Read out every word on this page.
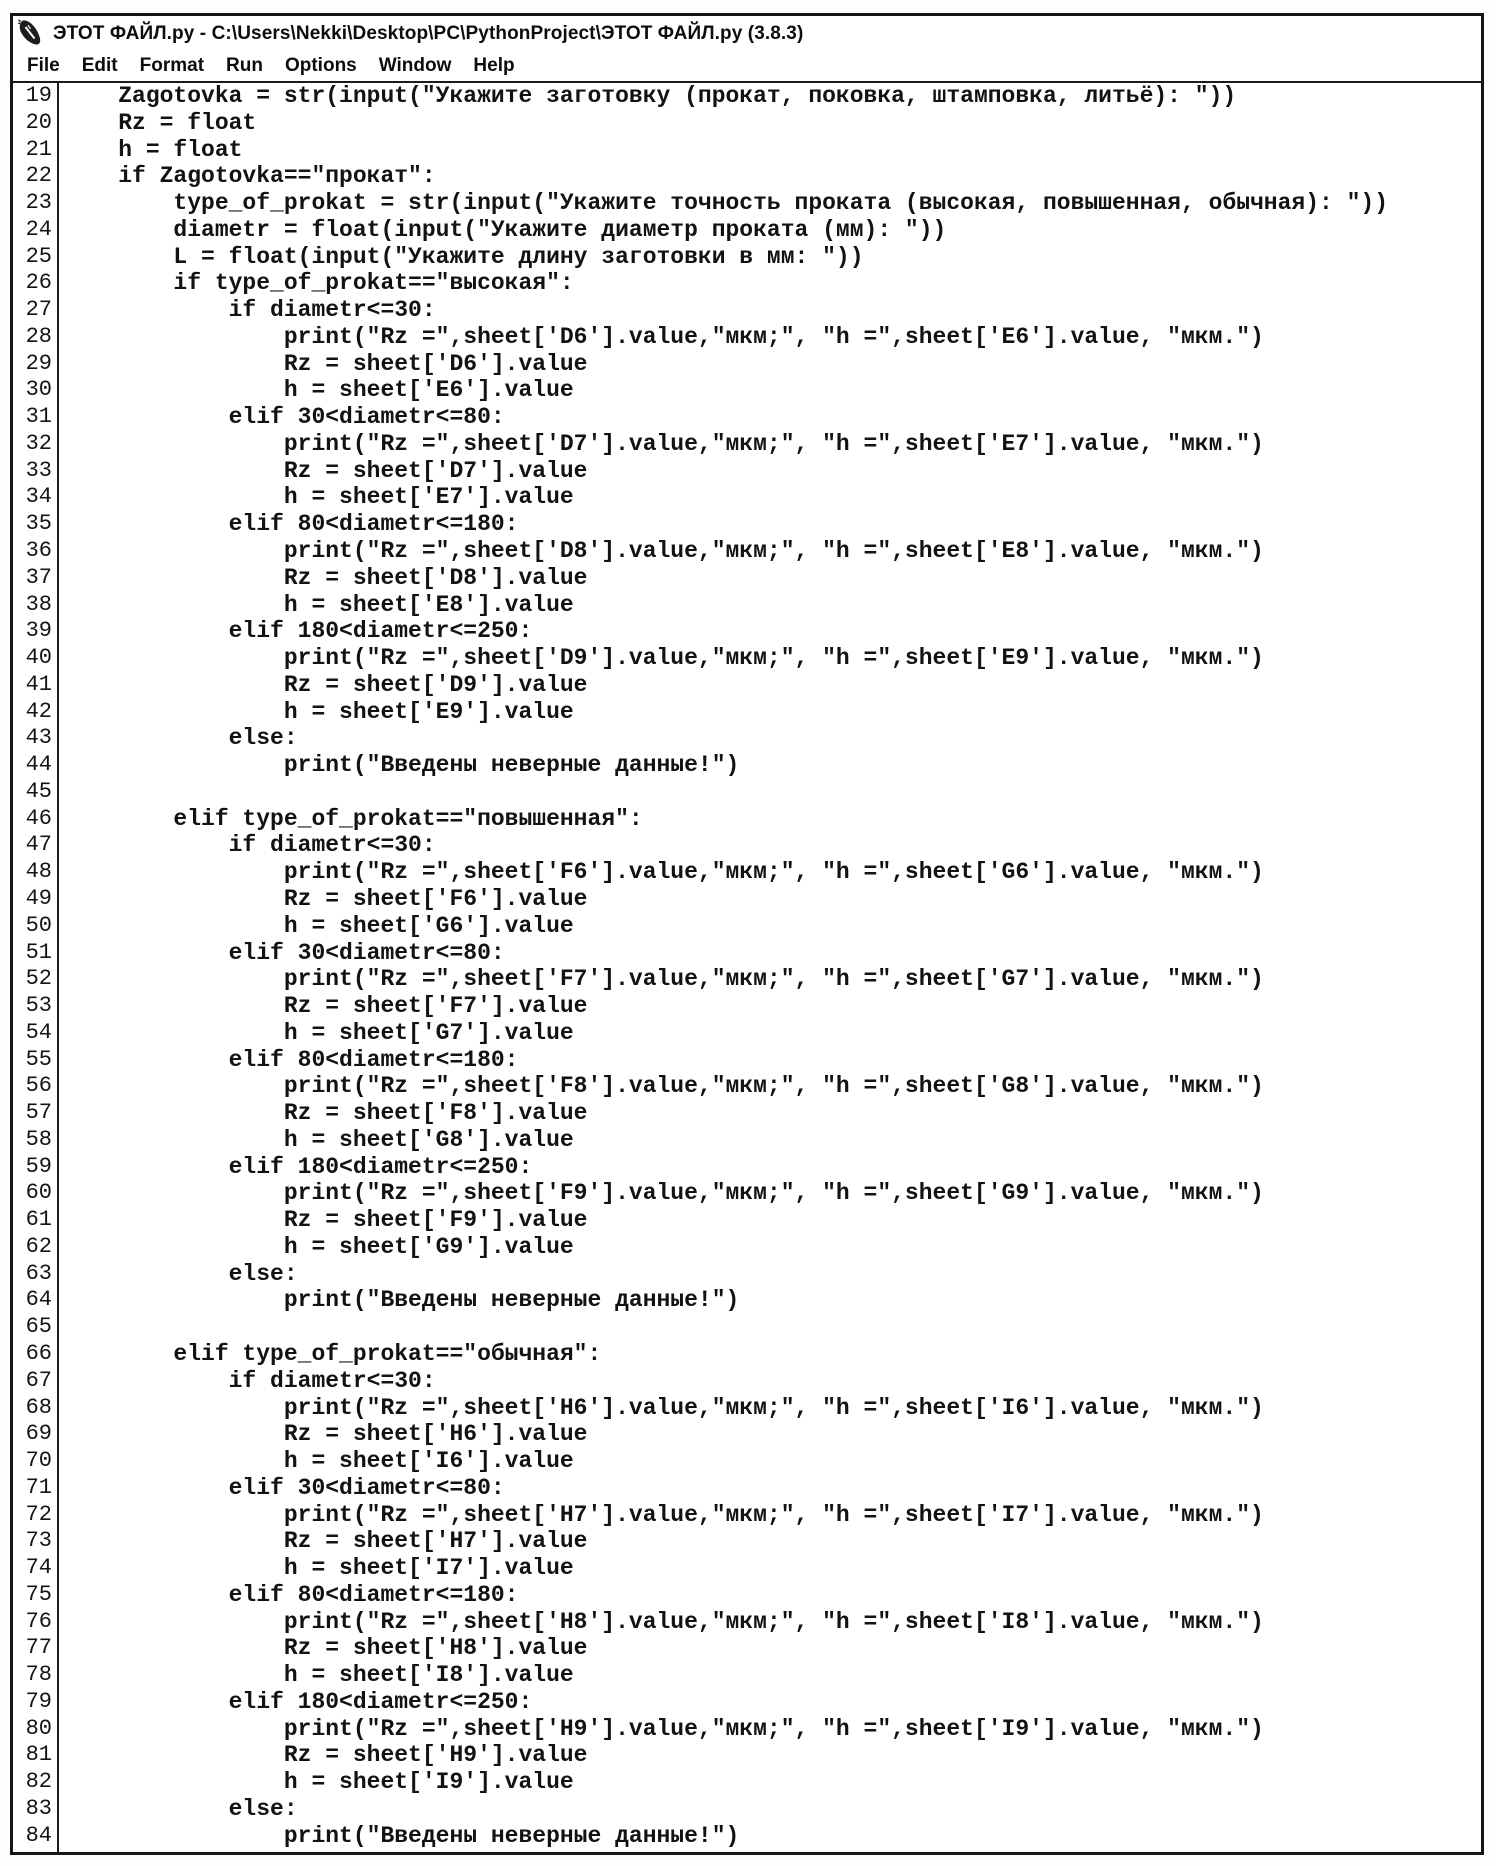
ЭТОТ ФАЙЛ.py - C:\Users\Nekki\Desktop\PC\PythonProject\ЭТОТ ФАЙЛ.py (3.8.3)
File	Edit	Format	Run	Options	Window	Help
19
20
21
22
23
24
25
26
27
28
29
30
31
32
33
34
35
36
37
38
39
40
41
42
43
44
45
46
47
48
49
50
51
52
53
54
55
56
57
58
59
60
61
62
63
64
65
66
67
68
69
70
71
72
73
74
75
76
77
78
79
80
81
82
83
84
Zagotovka = str(input("Укажите заготовку (прокат, поковка, штамповка, литьё): "))
Rz = float
h = float
if Zagotovka=="прокат":
type_of_prokat = str(input("Укажите точность проката (высокая, повышенная, обычная): "))
diametr = float(input("Укажите диаметр проката (мм): "))
L = float(input("Укажите длину заготовки в мм: "))
if type_of_prokat=="высокая":
if diametr<=30:
print("Rz =",sheet['D6'].value,"мкм;", "h =",sheet['E6'].value, "мкм.")
Rz = sheet['D6'].value
h = sheet['E6'].value
elif 30<diametr<=80:
print("Rz =",sheet['D7'].value,"мкм;", "h =",sheet['E7'].value, "мкм.")
Rz = sheet['D7'].value
h = sheet['E7'].value
elif 80<diametr<=180:
print("Rz =",sheet['D8'].value,"мкм;", "h =",sheet['E8'].value, "мкм.")
Rz = sheet['D8'].value
h = sheet['E8'].value
elif 180<diametr<=250:
print("Rz =",sheet['D9'].value,"мкм;", "h =",sheet['E9'].value, "мкм.")
Rz = sheet['D9'].value
h = sheet['E9'].value
else:
print("Введены неверные данные!")

elif type_of_prokat=="повышенная":
if diametr<=30:
print("Rz =",sheet['F6'].value,"мкм;", "h =",sheet['G6'].value, "мкм.")
Rz = sheet['F6'].value
h = sheet['G6'].value
elif 30<diametr<=80:
print("Rz =",sheet['F7'].value,"мкм;", "h =",sheet['G7'].value, "мкм.")
Rz = sheet['F7'].value
h = sheet['G7'].value
elif 80<diametr<=180:
print("Rz =",sheet['F8'].value,"мкм;", "h =",sheet['G8'].value, "мкм.")
Rz = sheet['F8'].value
h = sheet['G8'].value
elif 180<diametr<=250:
print("Rz =",sheet['F9'].value,"мкм;", "h =",sheet['G9'].value, "мкм.")
Rz = sheet['F9'].value
h = sheet['G9'].value
else:
print("Введены неверные данные!")

elif type_of_prokat=="обычная":
if diametr<=30:
print("Rz =",sheet['H6'].value,"мкм;", "h =",sheet['I6'].value, "мкм.")
Rz = sheet['H6'].value
h = sheet['I6'].value
elif 30<diametr<=80:
print("Rz =",sheet['H7'].value,"мкм;", "h =",sheet['I7'].value, "мкм.")
Rz = sheet['H7'].value
h = sheet['I7'].value
elif 80<diametr<=180:
print("Rz =",sheet['H8'].value,"мкм;", "h =",sheet['I8'].value, "мкм.")
Rz = sheet['H8'].value
h = sheet['I8'].value
elif 180<diametr<=250:
print("Rz =",sheet['H9'].value,"мкм;", "h =",sheet['I9'].value, "мкм.")
Rz = sheet['H9'].value
h = sheet['I9'].value
else:
print("Введены неверные данные!")
